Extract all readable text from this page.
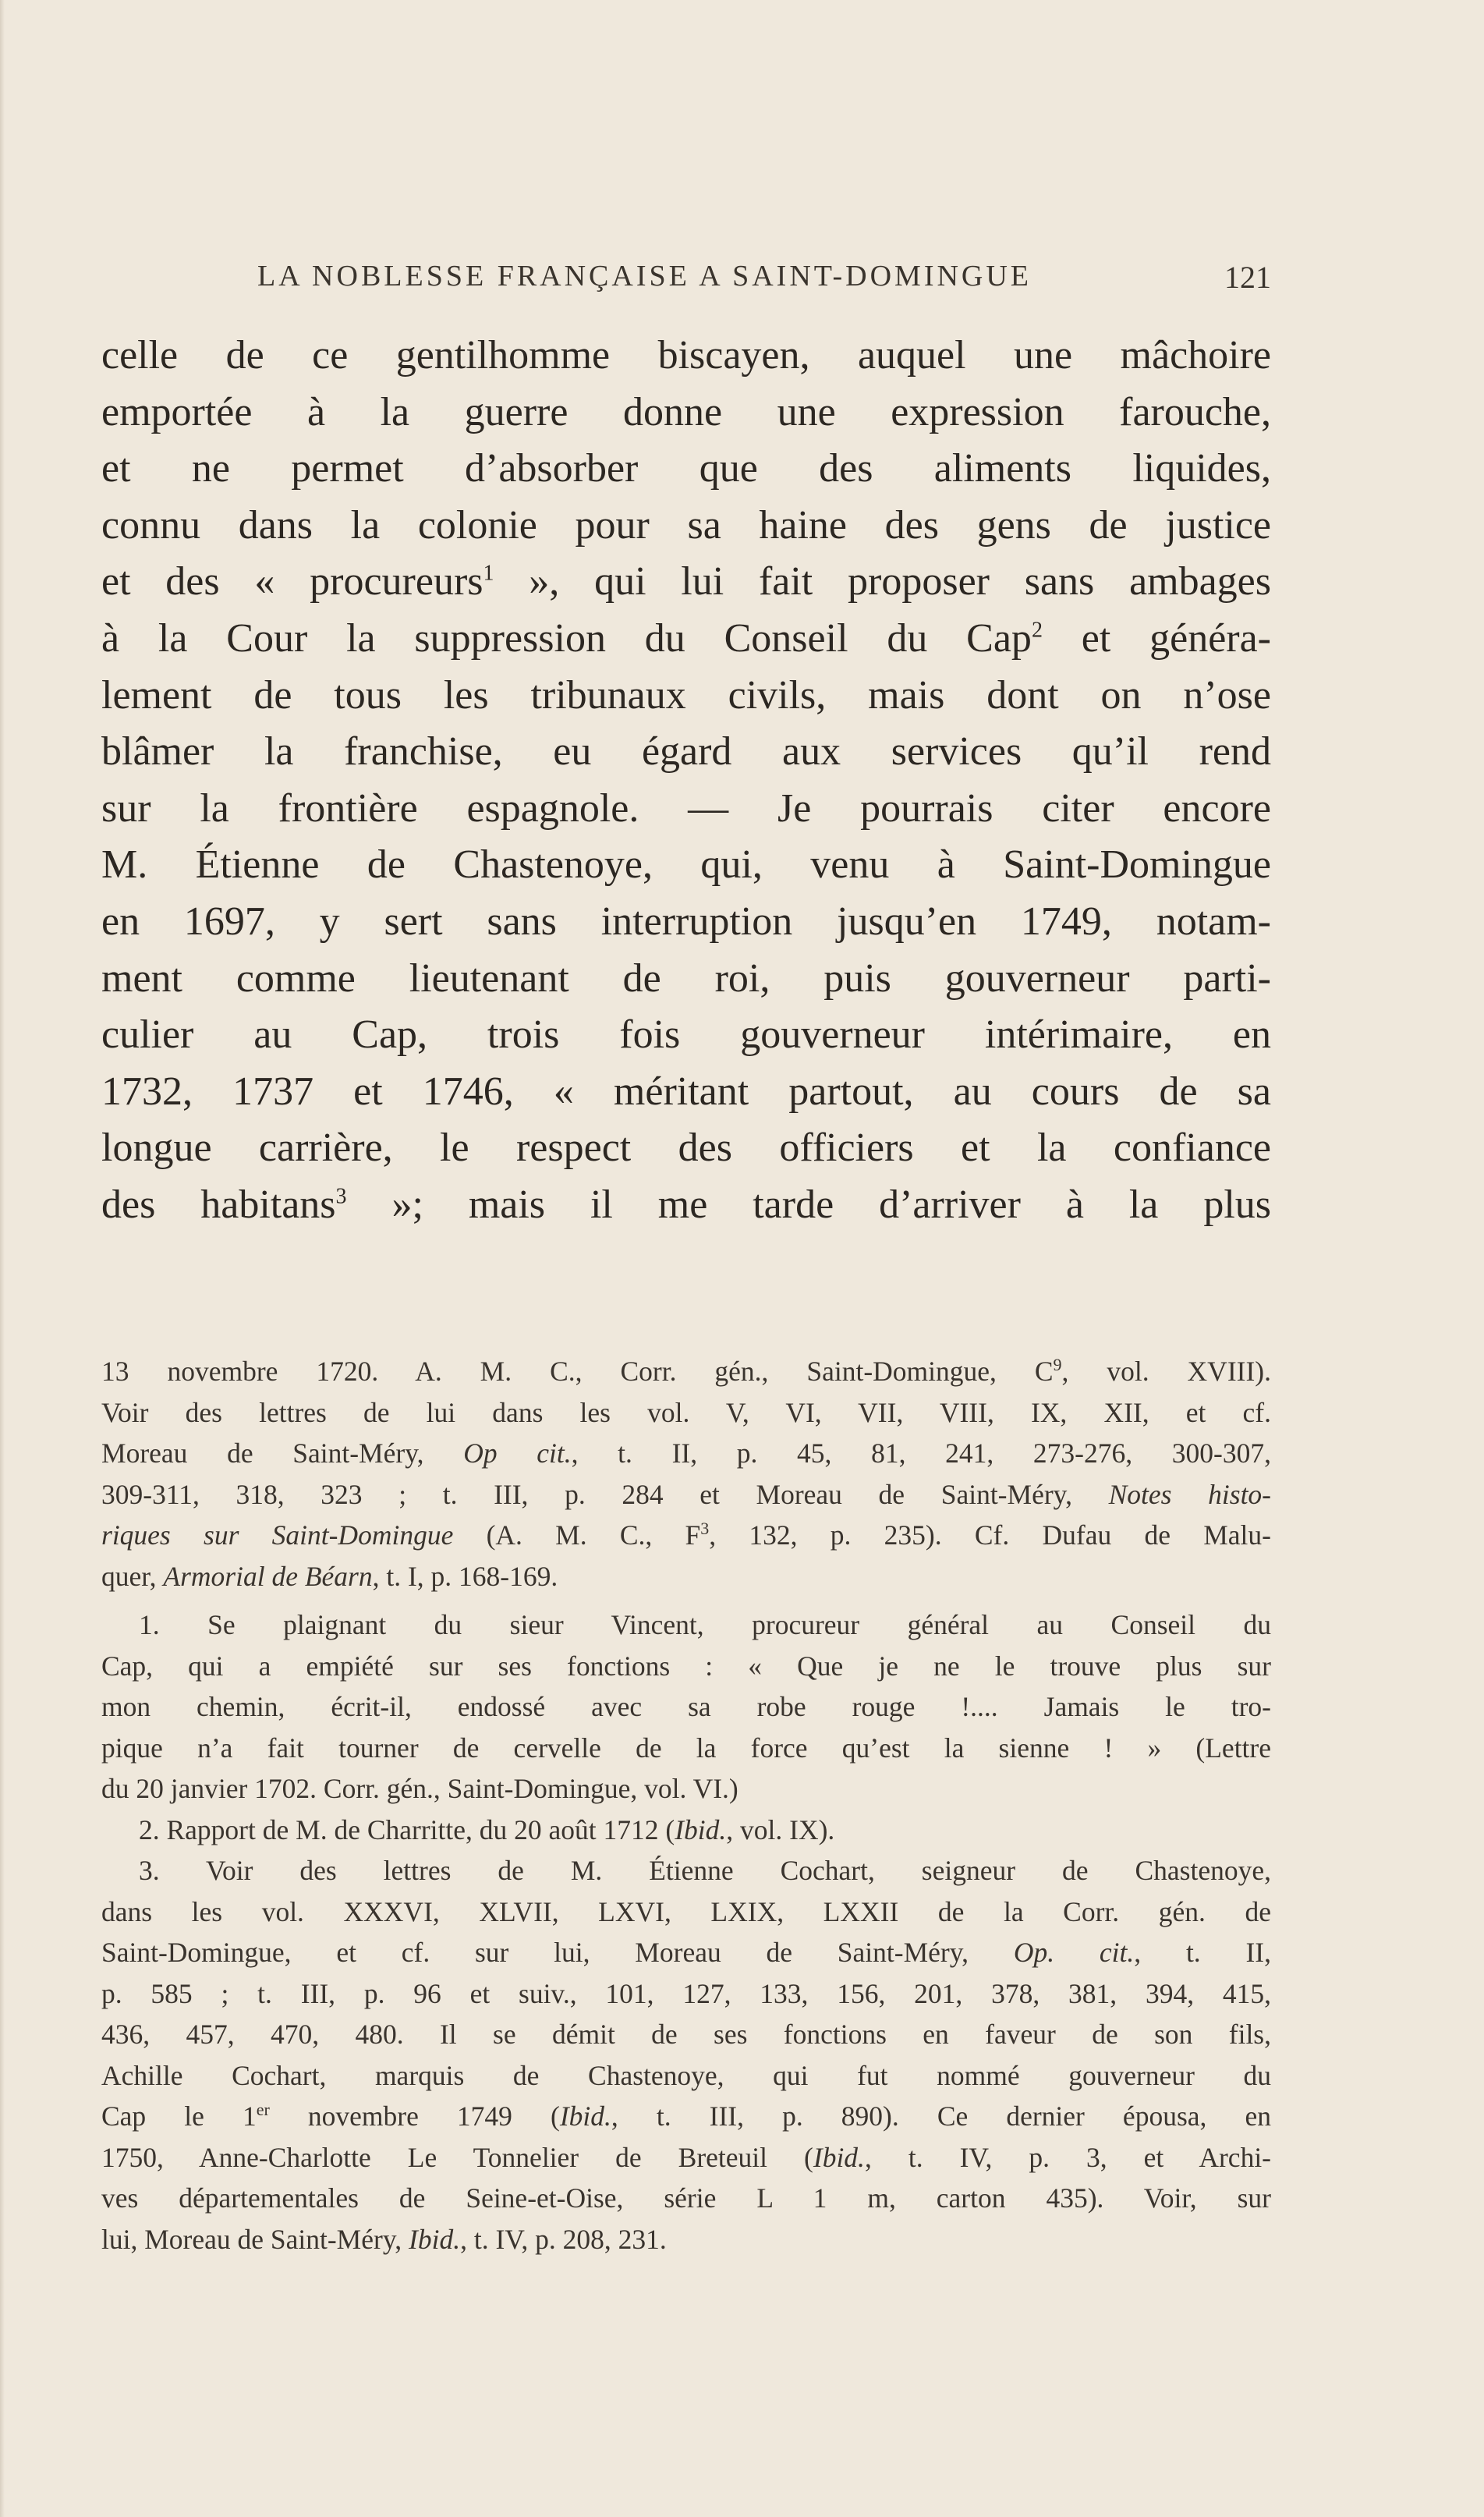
LA NOBLESSE FRANÇAISE A SAINT-DOMINGUE	121
celle de ce gentilhomme biscayen, auquel une mâchoire
emportée à la guerre donne une expression farouche,
et ne permet d’absorber que des aliments liquides,
connu dans la colonie pour sa haine des gens de justice
et des « procureurs$^1$ », qui lui fait proposer sans ambages
à la Cour la suppression du Conseil du Cap$^2$ et généra-
lement de tous les tribunaux civils, mais dont on n’ose
blâmer la franchise, eu égard aux services qu’il rend
sur la frontière espagnole. — Je pourrais citer encore
M. Étienne de Chastenoye, qui, venu à Saint-Domingue
en 1697, y sert sans interruption jusqu’en 1749, notam-
ment comme lieutenant de roi, puis gouverneur parti-
culier au Cap, trois fois gouverneur intérimaire, en
1732, 1737 et 1746, « méritant partout, au cours de sa
longue carrière, le respect des officiers et la confiance
des habitans$^3$ »; mais il me tarde d’arriver à la plus
13 novembre 1720. A. M. C., Corr. gén., Saint-Domingue, $C^9$, vol. XVIII).
Voir des lettres de lui dans les vol. V, VI, VII, VIII, IX, XII, et cf.
Moreau de Saint-Méry, Op cit., t. II, p. 45, 81, 241, 273-276, 300-307,
309-311, 318, 323 ; t. III, p. 284 et Moreau de Saint-Méry, Notes histo-
riques sur Saint-Domingue (A. M. C., $F^3$, 132, p. 235). Cf. Dufau de Malu-
quer, Armorial de Béarn, t. I, p. 168-169.
1. Se plaignant du sieur Vincent, procureur général au Conseil du
Cap, qui a empiété sur ses fonctions : « Que je ne le trouve plus sur
mon chemin, écrit-il, endossé avec sa robe rouge !.... Jamais le tro-
pique n’a fait tourner de cervelle de la force qu’est la sienne ! » (Lettre
du 20 janvier 1702. Corr. gén., Saint-Domingue, vol. VI.)
2. Rapport de M. de Charritte, du 20 août 1712 (Ibid., vol. IX).
3. Voir des lettres de M. Étienne Cochart, seigneur de Chastenoye,
dans les vol. XXXVI, XLVII, LXVI, LXIX, LXXII de la Corr. gén. de
Saint-Domingue, et cf. sur lui, Moreau de Saint-Méry, Op. cit., t. II,
p. 585 ; t. III, p. 96 et suiv., 101, 127, 133, 156, 201, 378, 381, 394, 415,
436, 457, 470, 480. Il se démit de ses fonctions en faveur de son fils,
Achille Cochart, marquis de Chastenoye, qui fut nommé gouverneur du
Cap le 1er novembre 1749 (Ibid., t. III, p. 890). Ce dernier épousa, en
1750, Anne-Charlotte Le Tonnelier de Breteuil (Ibid., t. IV, p. 3, et Archi-
ves départementales de Seine-et-Oise, série L 1 m, carton 435). Voir, sur
lui, Moreau de Saint-Méry, Ibid., t. IV, p. 208, 231.
